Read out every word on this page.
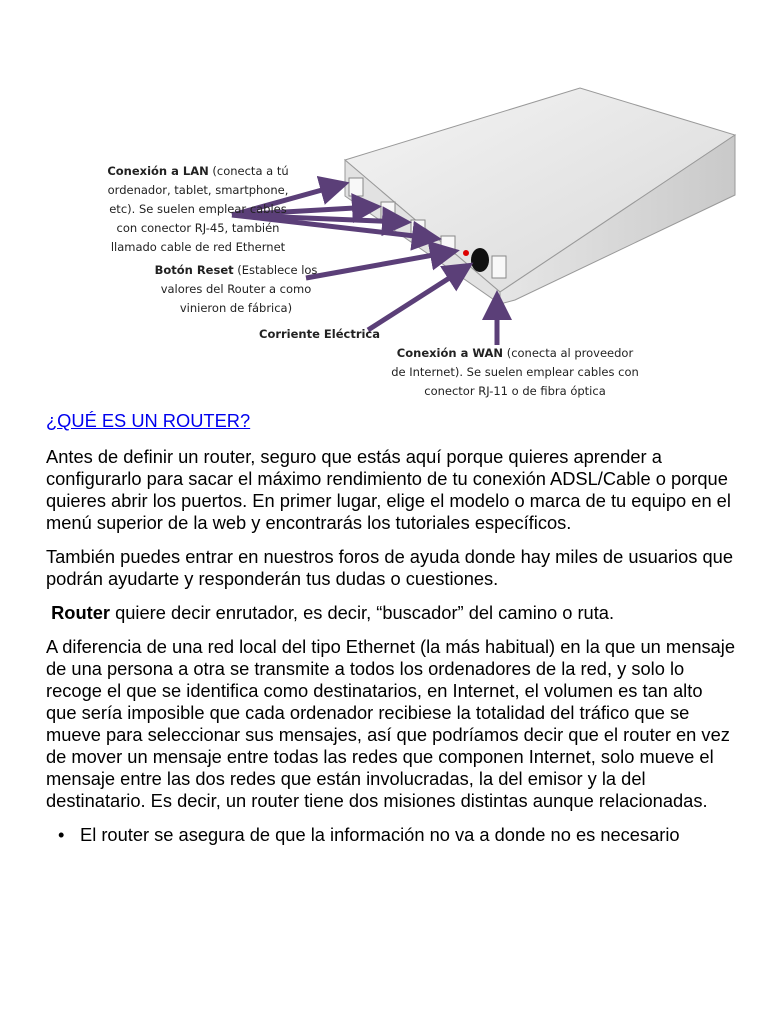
Conexión a LAN (conecta a tú ordenador, tablet, smartphone, etc). Se suelen emplear cables con conector RJ-45, también llamado cable de red Ethernet
Botón Reset (Establece los valores del Router a como vinieron de fábrica)
Corriente Eléctrica
Conexión a WAN (conecta al proveedor de Internet). Se suelen emplear cables con conector RJ-11 o de fibra óptica
¿QUÉ ES UN ROUTER?

Antes de definir un router, seguro que estás aquí porque quieres aprender a configurarlo para sacar el máximo rendimiento de tu conexión ADSL/Cable o porque quieres abrir los puertos. En primer lugar, elige el modelo o marca de tu equipo en el menú superior de la web y encontrarás los tutoriales específicos.

También puedes entrar en nuestros foros de ayuda donde hay miles de usuarios que podrán ayudarte y responderán tus dudas o cuestiones.

Router quiere decir enrutador, es decir, “buscador” del camino o ruta.

A diferencia de una red local del tipo Ethernet (la más habitual) en la que un mensaje de una persona a otra se transmite a todos los ordenadores de la red, y solo lo recoge el que se identifica como destinatarios, en Internet, el volumen es tan alto que sería imposible que cada ordenador recibiese la totalidad del tráfico que se mueve para seleccionar sus mensajes, así que podríamos decir que el router en vez de mover un mensaje entre todas las redes que componen Internet, solo mueve el mensaje entre las dos redes que están involucradas, la del emisor y la del destinatario. Es decir, un router tiene dos misiones distintas aunque relacionadas.

• El router se asegura de que la información no va a donde no es necesario
